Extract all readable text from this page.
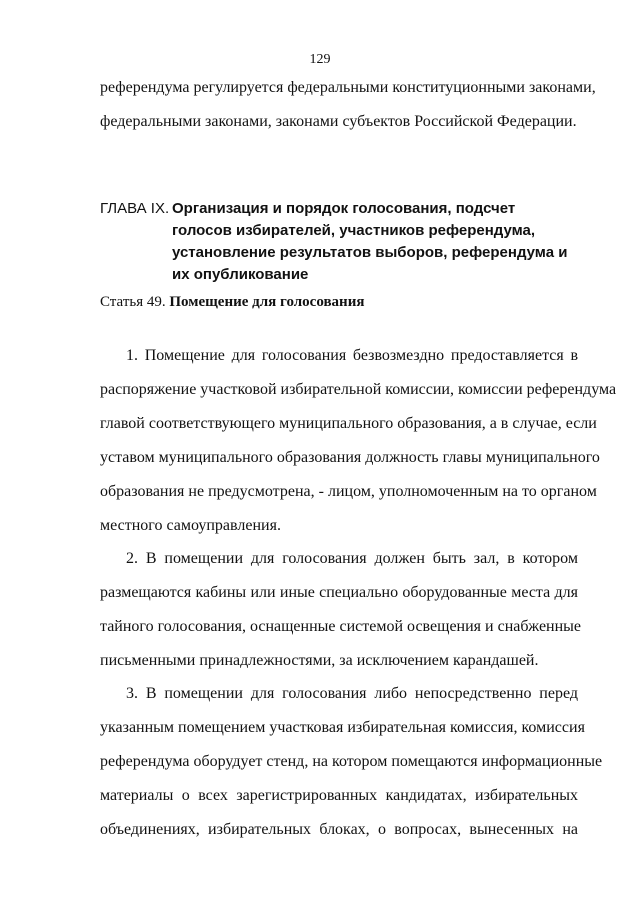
129
референдума регулируется федеральными конституционными законами,
федеральными законами, законами субъектов Российской Федерации.
ГЛАВА IX. Организация и порядок голосования, подсчет
голосов избирателей, участников референдума,
установление результатов выборов, референдума и
их опубликование
Статья 49. Помещение для голосования
1. Помещение для голосования безвозмездно предоставляется в
распоряжение участковой избирательной комиссии, комиссии референдума
главой соответствующего муниципального образования, а в случае, если
уставом муниципального образования должность главы муниципального
образования не предусмотрена, - лицом, уполномоченным на то органом
местного самоуправления.
2. В помещении для голосования должен быть зал, в котором
размещаются кабины или иные специально оборудованные места для
тайного голосования, оснащенные системой освещения и снабженные
письменными принадлежностями, за исключением карандашей.
3. В помещении для голосования либо непосредственно перед
указанным помещением участковая избирательная комиссия, комиссия
референдума оборудует стенд, на котором помещаются информационные
материалы о всех зарегистрированных кандидатах, избирательных
объединениях, избирательных блоках, о вопросах, вынесенных на
